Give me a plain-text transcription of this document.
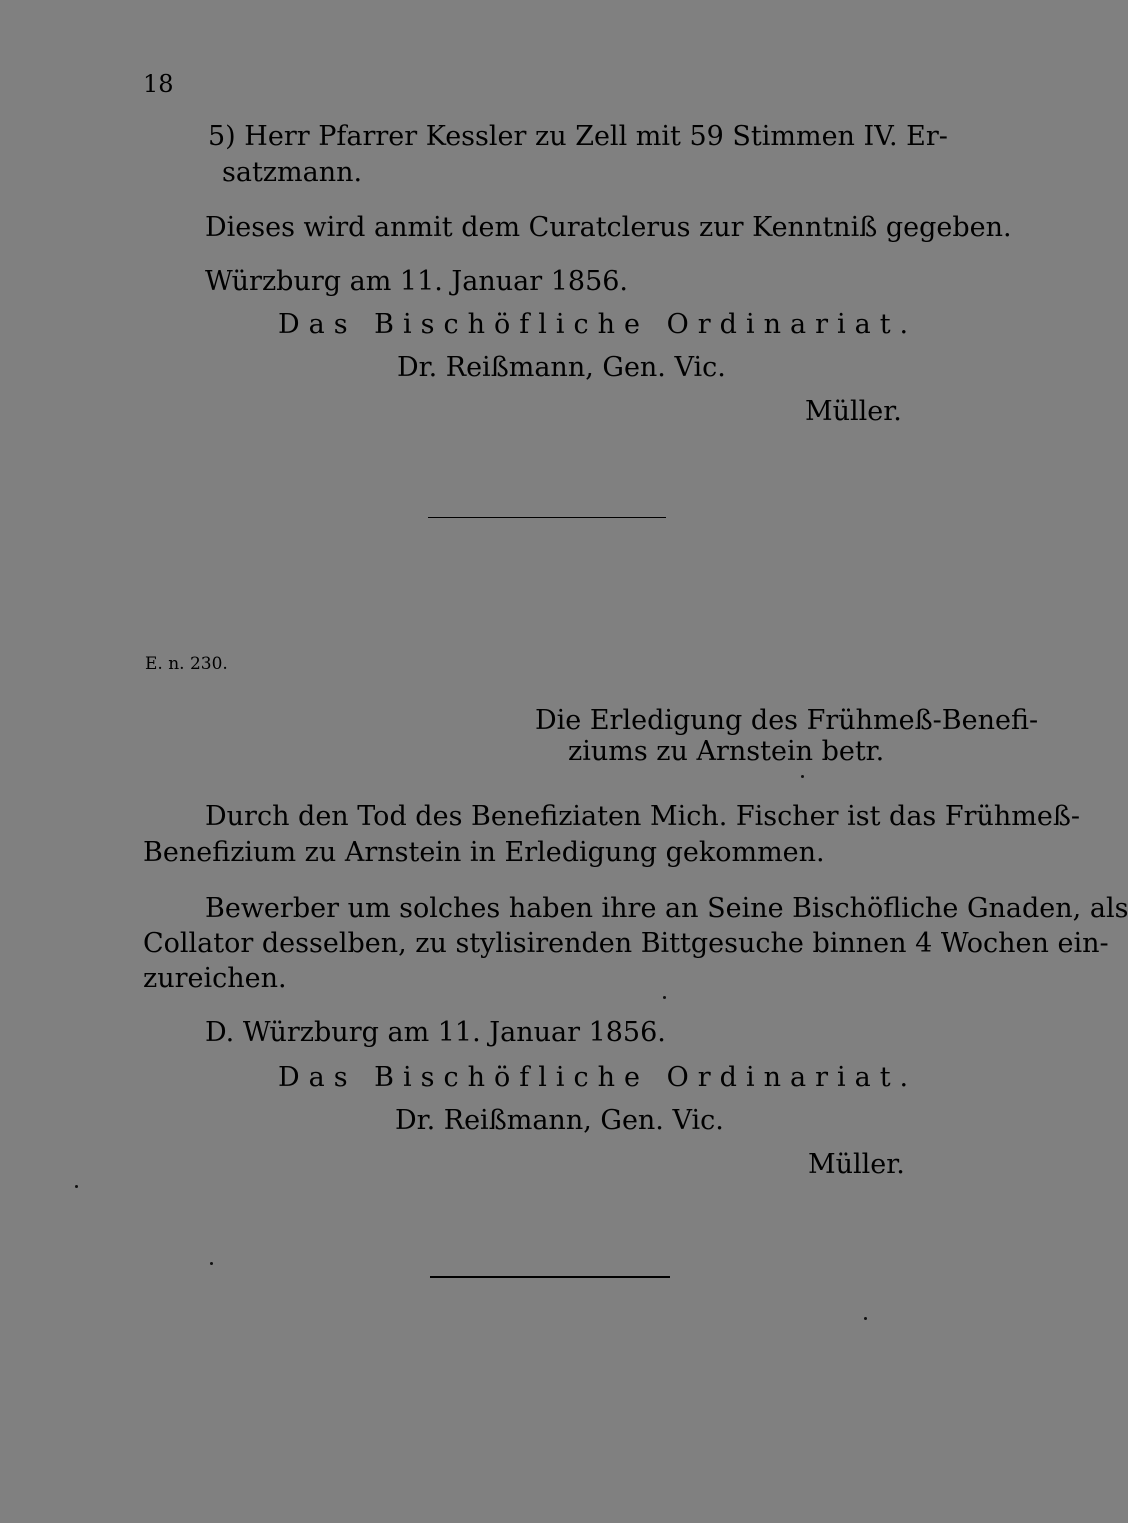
18
5) Herr Pfarrer Kessler zu Zell mit 59 Stimmen IV. Er-
satzmann.
Dieses wird anmit dem Curatclerus zur Kenntniß gegeben.
Würzburg am 11. Januar 1856.
Das Bischöfliche Ordinariat.
Dr. Reißmann, Gen. Vic.
Müller.
E. n. 230.
Die Erledigung des Frühmeß-Benefi-
ziums zu Arnstein betr.
Durch den Tod des Benefiziaten Mich. Fischer ist das Frühmeß-
Benefizium zu Arnstein in Erledigung gekommen.
Bewerber um solches haben ihre an Seine Bischöfliche Gnaden, als
Collator desselben, zu stylisirenden Bittgesuche binnen 4 Wochen ein-
zureichen.
D. Würzburg am 11. Januar 1856.
Das Bischöfliche Ordinariat.
Dr. Reißmann, Gen. Vic.
Müller.
